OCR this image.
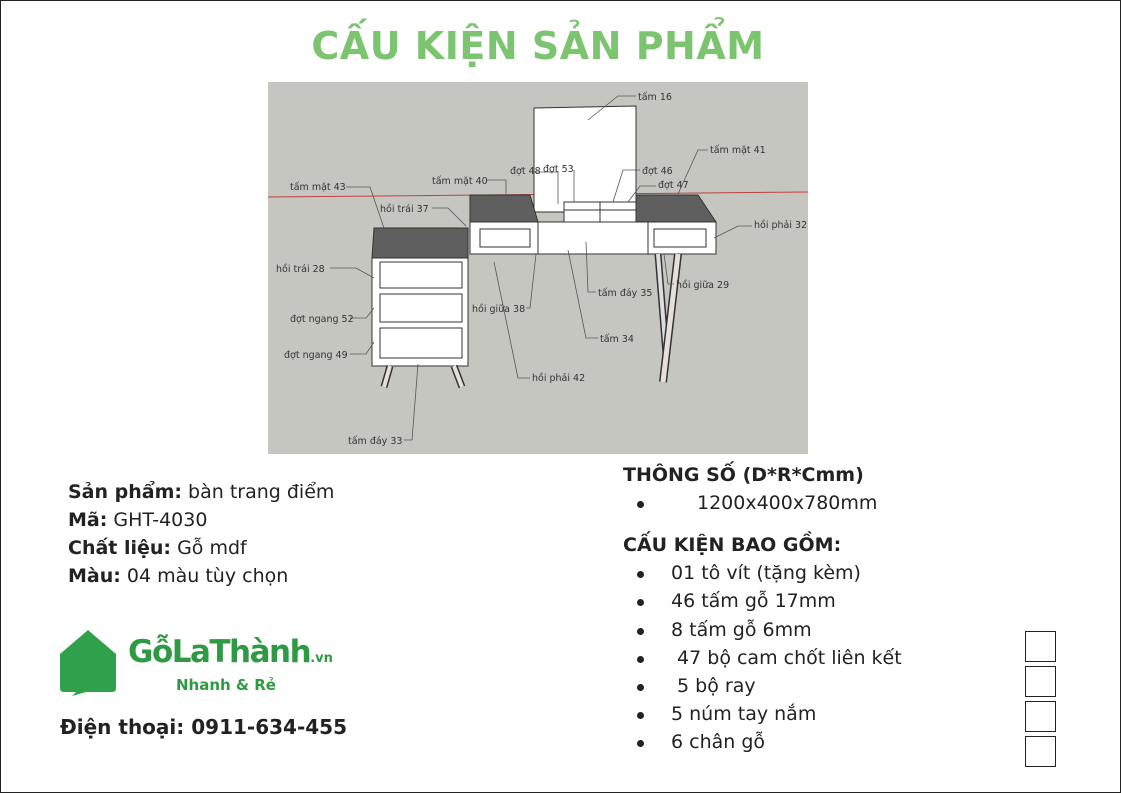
CẤU KIỆN SẢN PHẨM
tấm 16
tấm mặt 41
đợt 48 đợt 53	đợt 46
đợt 47
tấm mặt 40
tấm mặt 43
hồi trái 37
hồi phải 32
hồi trái 28
đợt ngang 52
đợt ngang 49
hồi giữa 38
tấm đáy 35
hồi giữa 29
tấm 34
hồi phải 42
tấm đáy 33
Sản phẩm: bàn trang điểm
Mã: GHT-4030
Chất liệu: Gỗ mdf
Màu: 04 màu tùy chọn
GỗLaThành.vn
Nhanh & Rẻ
Điện thoại: 0911-634-455
THÔNG SỐ (D*R*Cmm)
1200x400x780mm
CẤU KIỆN BAO GỒM:
01 tô vít (tặng kèm)
46 tấm gỗ 17mm
8 tấm gỗ 6mm
47 bộ cam chốt liên kết
5 bộ ray
5 núm tay nắm
6 chân gỗ
